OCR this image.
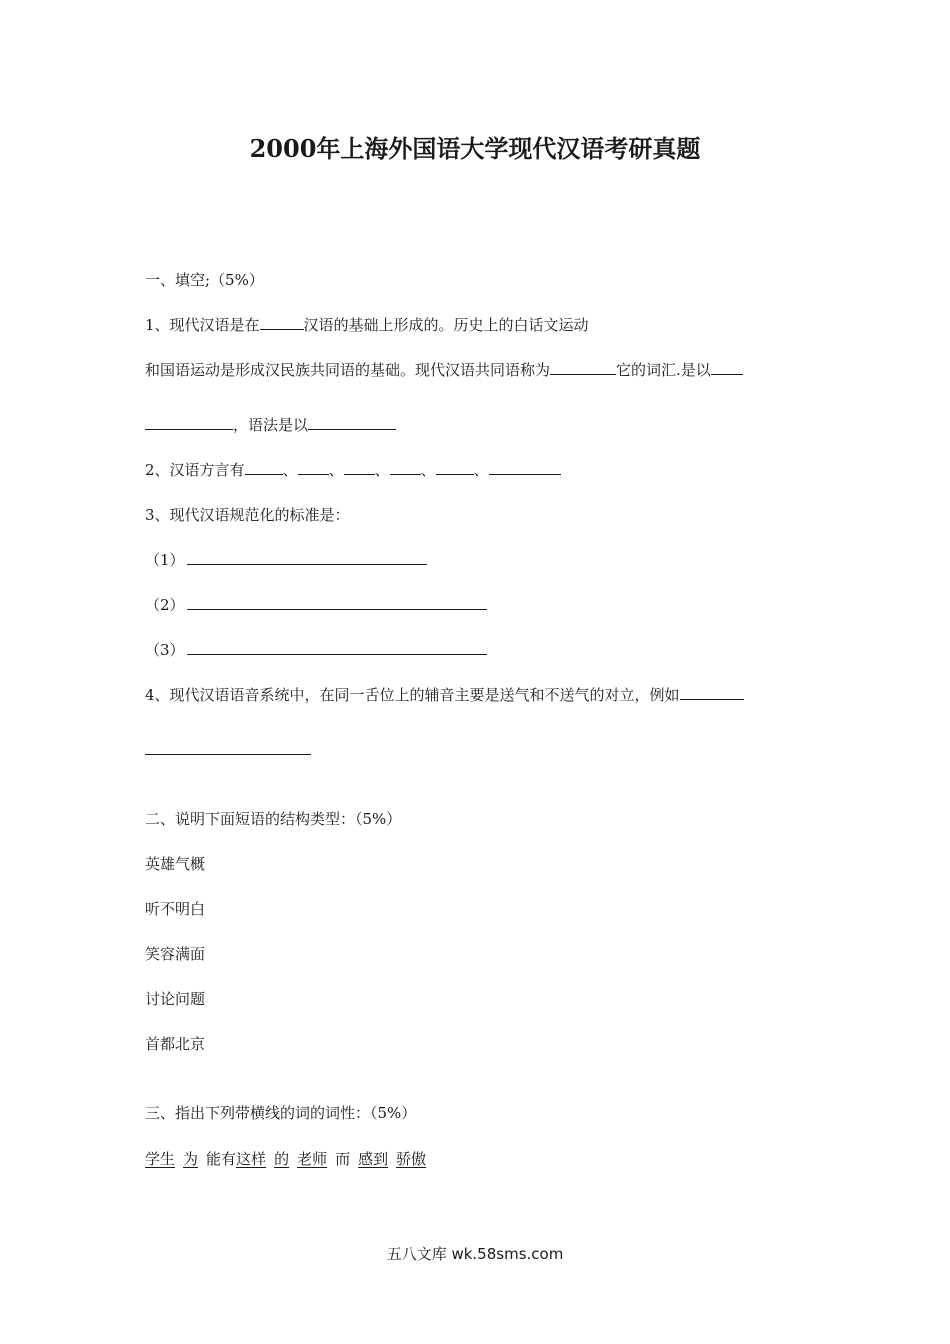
2000年上海外国语大学现代汉语考研真题

一、填空;（5%）

1、现代汉语是在	汉语的基础上形成的。历史上的白话文运动

和国语运动是形成汉民族共同语的基础。现代汉语共同语称为	它的词汇.是以

，语法是以

2、汉语方言有	、 、 、 、	、

3、现代汉语规范化的标准是：

（1）

（2）

（3）

4、现代汉语语音系统中，在同一舌位上的辅音主要是送气和不送气的对立，例如

二、说明下面短语的结构类型：（5%）

英雄气概

听不明白

笑容满面

讨论问题

首都北京

三、指出下列带横线的词的词性：（5%）

学生 为 能有这样 的 老师 而 感到 骄傲

五八文库 wk.58sms.com
